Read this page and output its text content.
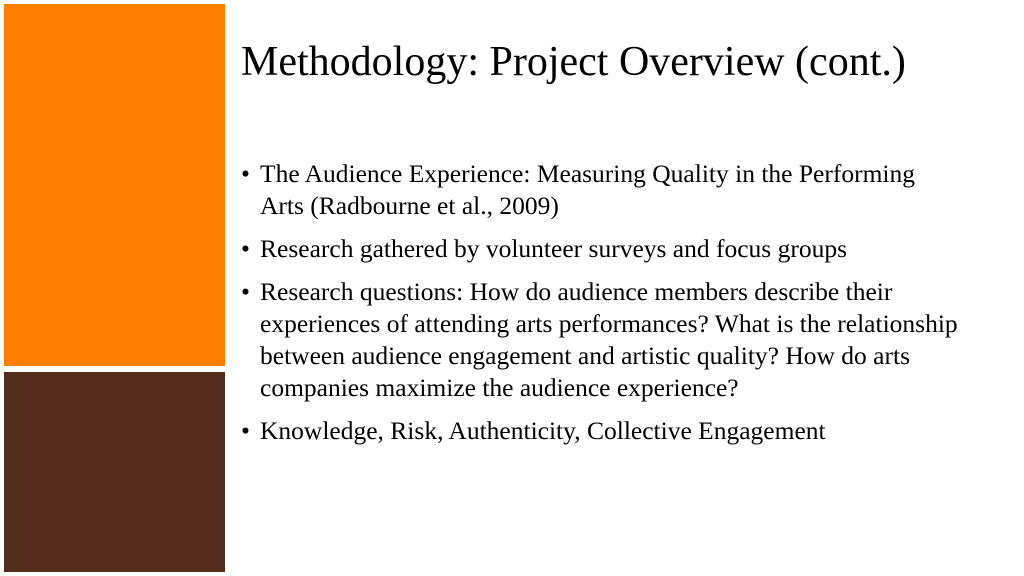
Methodology: Project Overview (cont.)
• The Audience Experience: Measuring Quality in the Performing Arts (Radbourne et al., 2009)
• Research gathered by volunteer surveys and focus groups
• Research questions: How do audience members describe their experiences of attending arts performances? What is the relationship between audience engagement and artistic quality? How do arts companies maximize the audience experience?
• Knowledge, Risk, Authenticity, Collective Engagement
